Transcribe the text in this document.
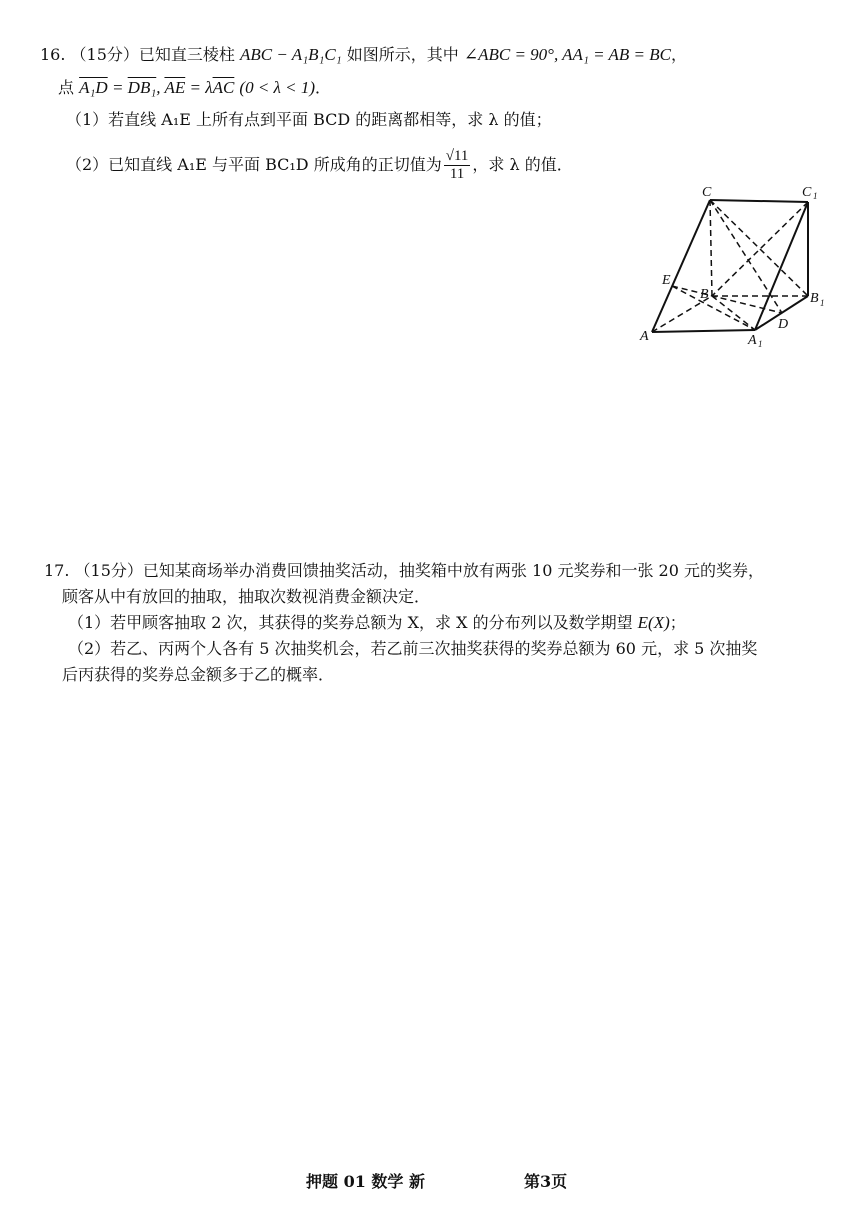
16. （15分）已知直三棱柱 ABC − A₁B₁C₁ 如图所示，其中 ∠ABC = 90°, AA₁ = AB = BC，
点 A₁D = DB₁, $\overline{AE} = \lambda\overline{AC}$ (0 < λ < 1)．
（1）若直线 A₁E 上所有点到平面 BCD 的距离都相等，求 λ 的值；
（2）已知直线 A₁E 与平面 BC₁D 所成角的正切值为 $\frac{√11}{11}$ ，求 λ 的值．
C	C 1
E
B	B 1
A	A 1
D
17. （15分）已知某商场举办消费回馈抽奖活动，抽奖箱中放有两张 10 元奖券和一张 20 元的奖券，
顾客从中有放回的抽取，抽取次数视消费金额决定．
（1）若甲顾客抽取 2 次，其获得的奖券总额为 X，求 X 的分布列以及数学期望 E(X)；
（2）若乙、丙两个人各有 5 次抽奖机会，若乙前三次抽奖获得的奖券总额为 60 元，求 5 次抽奖
后丙获得的奖券总金额多于乙的概率．
押题 01 数学 新	第3页
